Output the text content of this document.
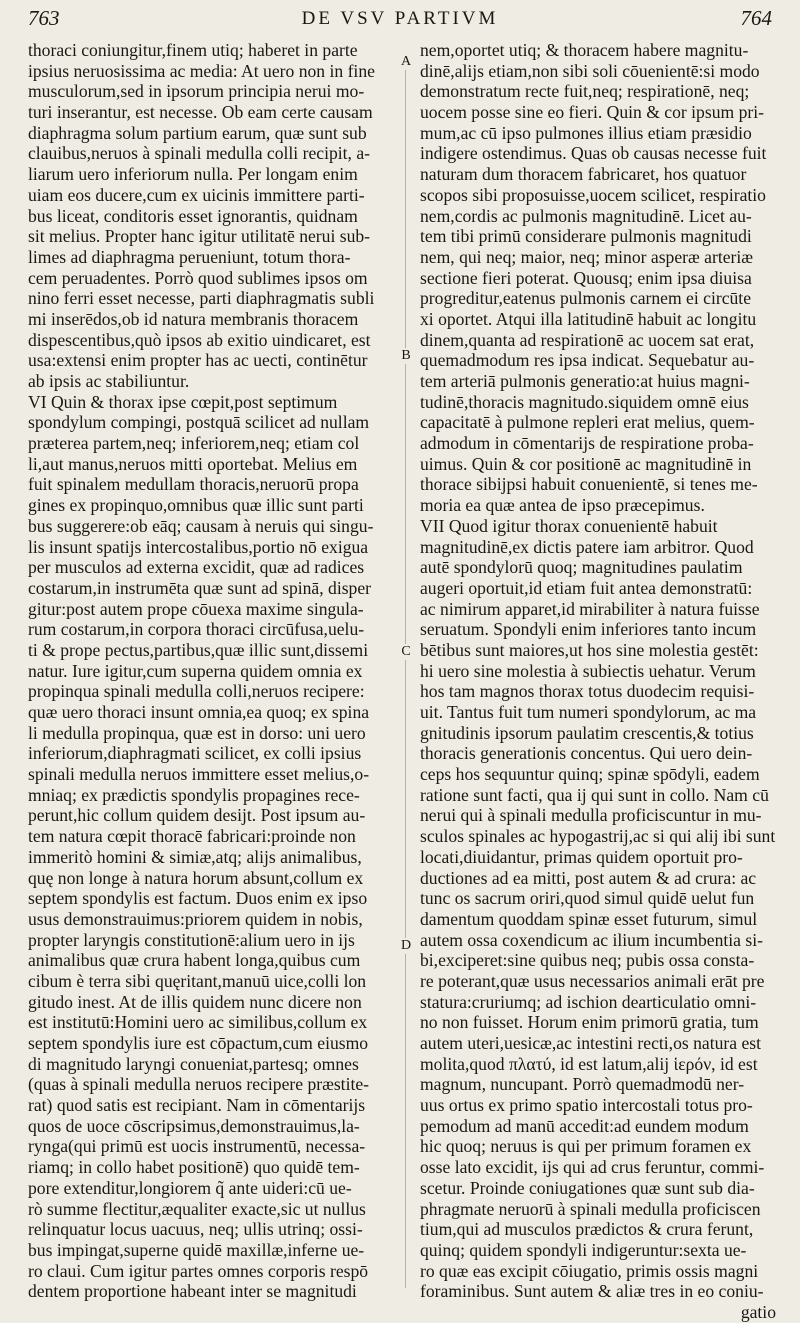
763	DE VSV PARTIVM	764
thoraci coniungitur,finem utiq; haberet in parte
ipsius neruosissima ac media: At uero non in fine
musculorum,sed in ipsorum principia nerui mo-
turi inserantur, est necesse. Ob eam certe causam
diaphragma solum partium earum, quæ sunt sub
clauibus,neruos à spinali medulla colli recipit, a-
liarum uero inferiorum nulla. Per longam enim
uiam eos ducere,cum ex uicinis immittere parti-
bus liceat, conditoris esset ignorantis, quidnam
sit melius. Propter hanc igitur utilitatē nerui sub-
limes ad diaphragma perueniunt, totum thora-
cem peruadentes. Porrò quod sublimes ipsos om
nino ferri esset necesse, parti diaphragmatis subli
mi inserēdos,ob id natura membranis thoracem
dispescentibus,quò ipsos ab exitio uindicaret, est
usa:extensi enim propter has ac uecti, continētur
ab ipsis ac stabiliuntur.
VI Quin & thorax ipse cœpit,post septimum
spondylum compingi, postquā scilicet ad nullam
præterea partem,neq; inferiorem,neq; etiam col
li,aut manus,neruos mitti oportebat. Melius em
fuit spinalem medullam thoracis,neruorū propa
gines ex propinquo,omnibus quæ illic sunt parti
bus suggerere:ob eāq; causam à neruis qui singu-
lis insunt spatijs intercostalibus,portio nō exigua
per musculos ad externa excidit, quæ ad radices
costarum,in instrumēta quæ sunt ad spinā, disper
gitur:post autem prope cōuexa maxime singula-
rum costarum,in corpora thoraci circūfusa,uelu-
ti & prope pectus,partibus,quæ illic sunt,dissemi
natur. Iure igitur,cum superna quidem omnia ex
propinqua spinali medulla colli,neruos recipere:
quæ uero thoraci insunt omnia,ea quoq; ex spina
li medulla propinqua, quæ est in dorso: uni uero
inferiorum,diaphragmati scilicet, ex colli ipsius
spinali medulla neruos immittere esset melius,o-
mniaq; ex prædictis spondylis propagines rece-
perunt,hic collum quidem desijt. Post ipsum au-
tem natura cœpit thoracē fabricari:proinde non
immeritò homini & simiæ,atq; alijs animalibus,
quę non longe à natura horum absunt,collum ex
septem spondylis est factum. Duos enim ex ipso
usus demonstrauimus:priorem quidem in nobis,
propter laryngis constitutionē:alium uero in ijs
animalibus quæ crura habent longa,quibus cum
cibum è terra sibi quęritant,manuū uice,colli lon
gitudo inest. At de illis quidem nunc dicere non
est institutū:Homini uero ac similibus,collum ex
septem spondylis iure est cōpactum,cum eiusmo
di magnitudo laryngi conueniat,partesq; omnes
(quas à spinali medulla neruos recipere præstite-
rat) quod satis est recipiant. Nam in cōmentarijs
quos de uoce cōscripsimus,demonstrauimus,la-
rynga(qui primū est uocis instrumentū, necessa-
riamq; in collo habet positionē) quo quidē tem-
pore extenditur,longiorem q̃ ante uideri:cū ue-
rò summe flectitur,æqualiter exacte,sic ut nullus
relinquatur locus uacuus, neq; ullis utrinq; ossi-
bus impingat,superne quidē maxillæ,inferne ue-
ro claui. Cum igitur partes omnes corporis respō
dentem proportione habeant inter se magnitudi
A
B
C
D
nem,oportet utiq; & thoracem habere magnitu-
dinē,alijs etiam,non sibi soli cōuenientē:si modo
demonstratum recte fuit,neq; respirationē, neq;
uocem posse sine eo fieri. Quin & cor ipsum pri-
mum,ac cū ipso pulmones illius etiam præsidio
indigere ostendimus. Quas ob causas necesse fuit
naturam dum thoracem fabricaret, hos quatuor
scopos sibi proposuisse,uocem scilicet, respiratio
nem,cordis ac pulmonis magnitudinē. Licet au-
tem tibi primū considerare pulmonis magnitudi
nem, qui neq; maior, neq; minor asperæ arteriæ
sectione fieri poterat. Quousq; enim ipsa diuisa
progreditur,eatenus pulmonis carnem ei circūte
xi oportet. Atqui illa latitudinē habuit ac longitu
dinem,quanta ad respirationē ac uocem sat erat,
quemadmodum res ipsa indicat. Sequebatur au-
tem arteriā pulmonis generatio:at huius magni-
tudinē,thoracis magnitudo.siquidem omnē eius
capacitatē à pulmone repleri erat melius, quem-
admodum in cōmentarijs de respiratione proba-
uimus. Quin & cor positionē ac magnitudinē in
thorace sibijpsi habuit conuenientē, si tenes me-
moria ea quæ antea de ipso præcepimus.
VII Quod igitur thorax conuenientē habuit
magnitudinē,ex dictis patere iam arbitror. Quod
autē spondylorū quoq; magnitudines paulatim
augeri oportuit,id etiam fuit antea demonstratū:
ac nimirum apparet,id mirabiliter à natura fuisse
seruatum. Spondyli enim inferiores tanto incum
bētibus sunt maiores,ut hos sine molestia gestēt:
hi uero sine molestia à subiectis uehatur. Verum
hos tam magnos thorax totus duodecim requisi-
uit. Tantus fuit tum numeri spondylorum, ac ma
gnitudinis ipsorum paulatim crescentis,& totius
thoracis generationis concentus. Qui uero dein-
ceps hos sequuntur quinq; spinæ spōdyli, eadem
ratione sunt facti, qua ij qui sunt in collo. Nam cū
nerui qui à spinali medulla proficiscuntur in mu-
sculos spinales ac hypogastrij,ac si qui alij ibi sunt
locati,diuidantur, primas quidem oportuit pro-
ductiones ad ea mitti, post autem & ad crura: ac
tunc os sacrum oriri,quod simul quidē uelut fun
damentum quoddam spinæ esset futurum, simul
autem ossa coxendicum ac ilium incumbentia si-
bi,exciperet:sine quibus neq; pubis ossa consta-
re poterant,quæ usus necessarios animali erāt pre
statura:cruriumq; ad ischion dearticulatio omni-
no non fuisset. Horum enim primorū gratia, tum
autem uteri,uesicæ,ac intestini recti,os natura est
molita,quod πλατύ, id est latum,alij ἱερόν, id est
magnum, nuncupant. Porrò quemadmodū ner-
uus ortus ex primo spatio intercostali totus pro-
pemodum ad manū accedit:ad eundem modum
hic quoq; neruus is qui per primum foramen ex
osse lato excidit, ijs qui ad crus feruntur, commi-
scetur. Proinde coniugationes quæ sunt sub dia-
phragmate neruorū à spinali medulla proficiscen
tium,qui ad musculos prædictos & crura ferunt,
quinq; quidem spondyli indigeruntur:sexta ue-
ro quæ eas excipit cōiugatio, primis ossis magni
foraminibus. Sunt autem & aliæ tres in eo coniu-
gatio
